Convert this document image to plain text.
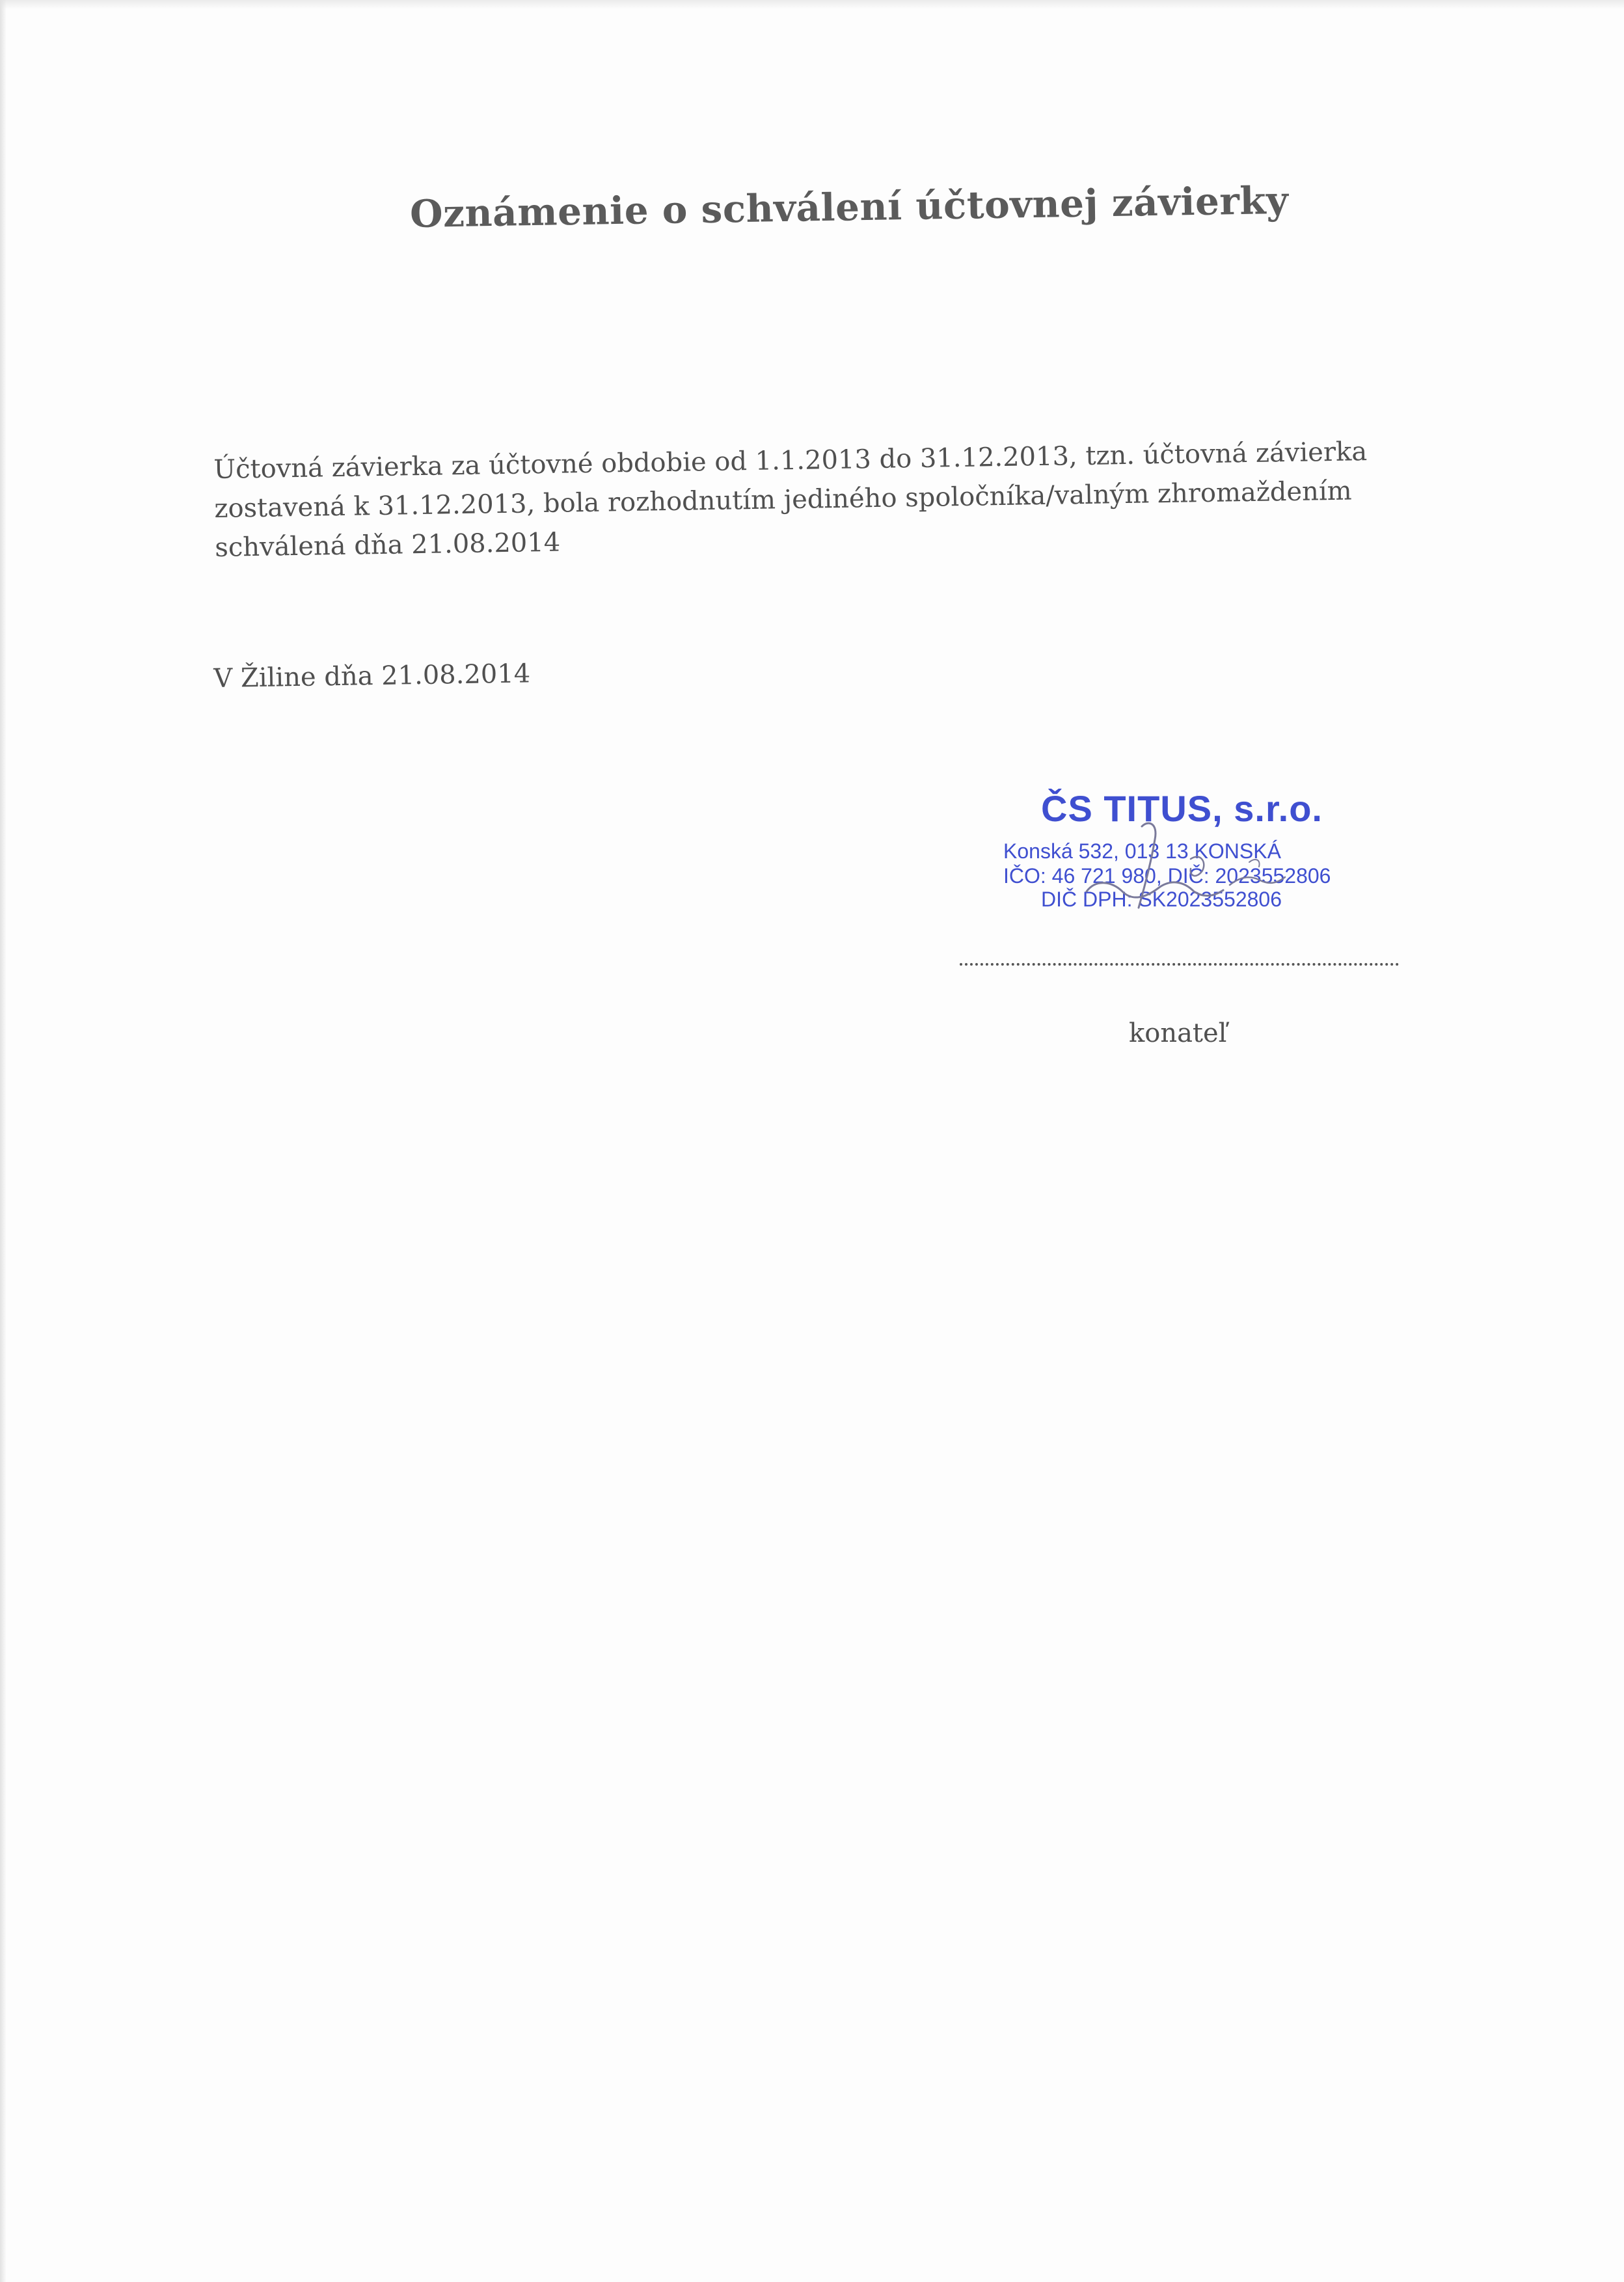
Oznámenie o schválení účtovnej závierky
Účtovná závierka za účtovné obdobie od 1.1.2013 do 31.12.2013, tzn. účtovná závierka
zostavená k 31.12.2013, bola rozhodnutím jediného spoločníka/valným zhromaždením
schválená dňa 21.08.2014
V Žiline dňa 21.08.2014
ČS TITUS, s.r.o.
Konská 532, 013 13 KONSKÁ
IČO: 46 721 980, DIČ: 2023552806
DIČ DPH: SK2023552806
konateľ
